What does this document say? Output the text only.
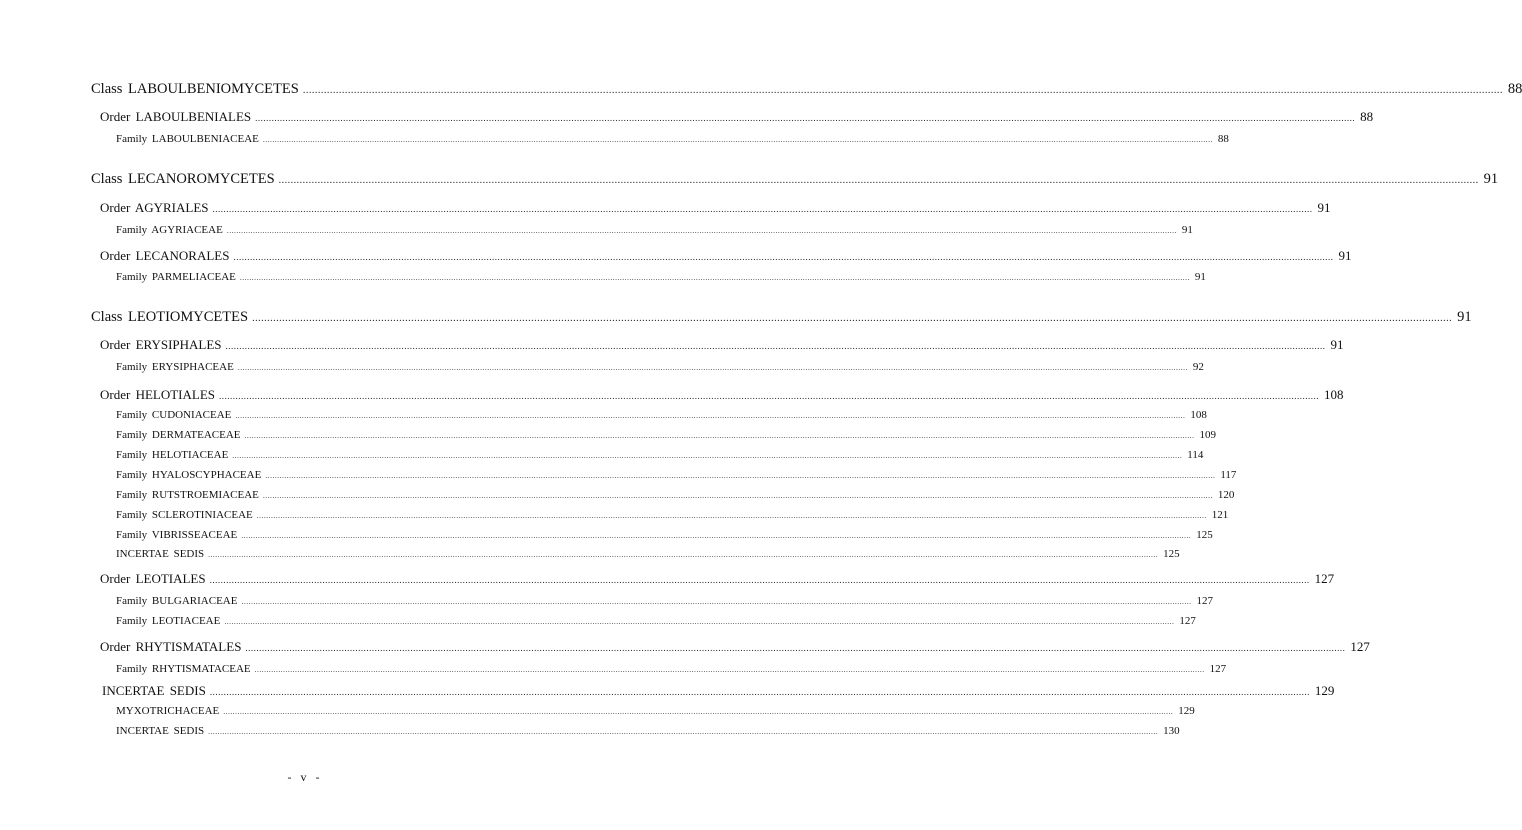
Class LABOULBENIOMYCETES ................................................................................................................................................................................................................................................................................................................................................................................................................ 88
Order LABOULBENIALES ................................................................................................................................................................................................................................................................................................................................................................................................................ 88
Family LABOULBENIACEAE ................................................................................................................................................................................................................................................................................................................................................................................................................ 88
Class LECANOROMYCETES ................................................................................................................................................................................................................................................................................................................................................................................................................ 91
Order AGYRIALES ................................................................................................................................................................................................................................................................................................................................................................................................................ 91
Family AGYRIACEAE ................................................................................................................................................................................................................................................................................................................................................................................................................ 91
Order LECANORALES ................................................................................................................................................................................................................................................................................................................................................................................................................ 91
Family PARMELIACEAE ................................................................................................................................................................................................................................................................................................................................................................................................................ 91
Class LEOTIOMYCETES ................................................................................................................................................................................................................................................................................................................................................................................................................ 91
Order ERYSIPHALES ................................................................................................................................................................................................................................................................................................................................................................................................................ 91
Family ERYSIPHACEAE ................................................................................................................................................................................................................................................................................................................................................................................................................ 92
Order HELOTIALES ................................................................................................................................................................................................................................................................................................................................................................................................................ 108
Family CUDONIACEAE ................................................................................................................................................................................................................................................................................................................................................................................................................ 108
Family DERMATEACEAE ................................................................................................................................................................................................................................................................................................................................................................................................................ 109
Family HELOTIACEAE ................................................................................................................................................................................................................................................................................................................................................................................................................ 114
Family HYALOSCYPHACEAE ................................................................................................................................................................................................................................................................................................................................................................................................................ 117
Family RUTSTROEMIACEAE ................................................................................................................................................................................................................................................................................................................................................................................................................ 120
Family SCLEROTINIACEAE ................................................................................................................................................................................................................................................................................................................................................................................................................ 121
Family VIBRISSEACEAE ................................................................................................................................................................................................................................................................................................................................................................................................................ 125
INCERTAE SEDIS ................................................................................................................................................................................................................................................................................................................................................................................................................ 125
Order LEOTIALES ................................................................................................................................................................................................................................................................................................................................................................................................................ 127
Family BULGARIACEAE ................................................................................................................................................................................................................................................................................................................................................................................................................ 127
Family LEOTIACEAE ................................................................................................................................................................................................................................................................................................................................................................................................................ 127
Order RHYTISMATALES ................................................................................................................................................................................................................................................................................................................................................................................................................ 127
Family RHYTISMATACEAE ................................................................................................................................................................................................................................................................................................................................................................................................................ 127
INCERTAE SEDIS ................................................................................................................................................................................................................................................................................................................................................................................................................ 129
MYXOTRICHACEAE ................................................................................................................................................................................................................................................................................................................................................................................................................ 129
INCERTAE SEDIS ................................................................................................................................................................................................................................................................................................................................................................................................................ 130
- v -
